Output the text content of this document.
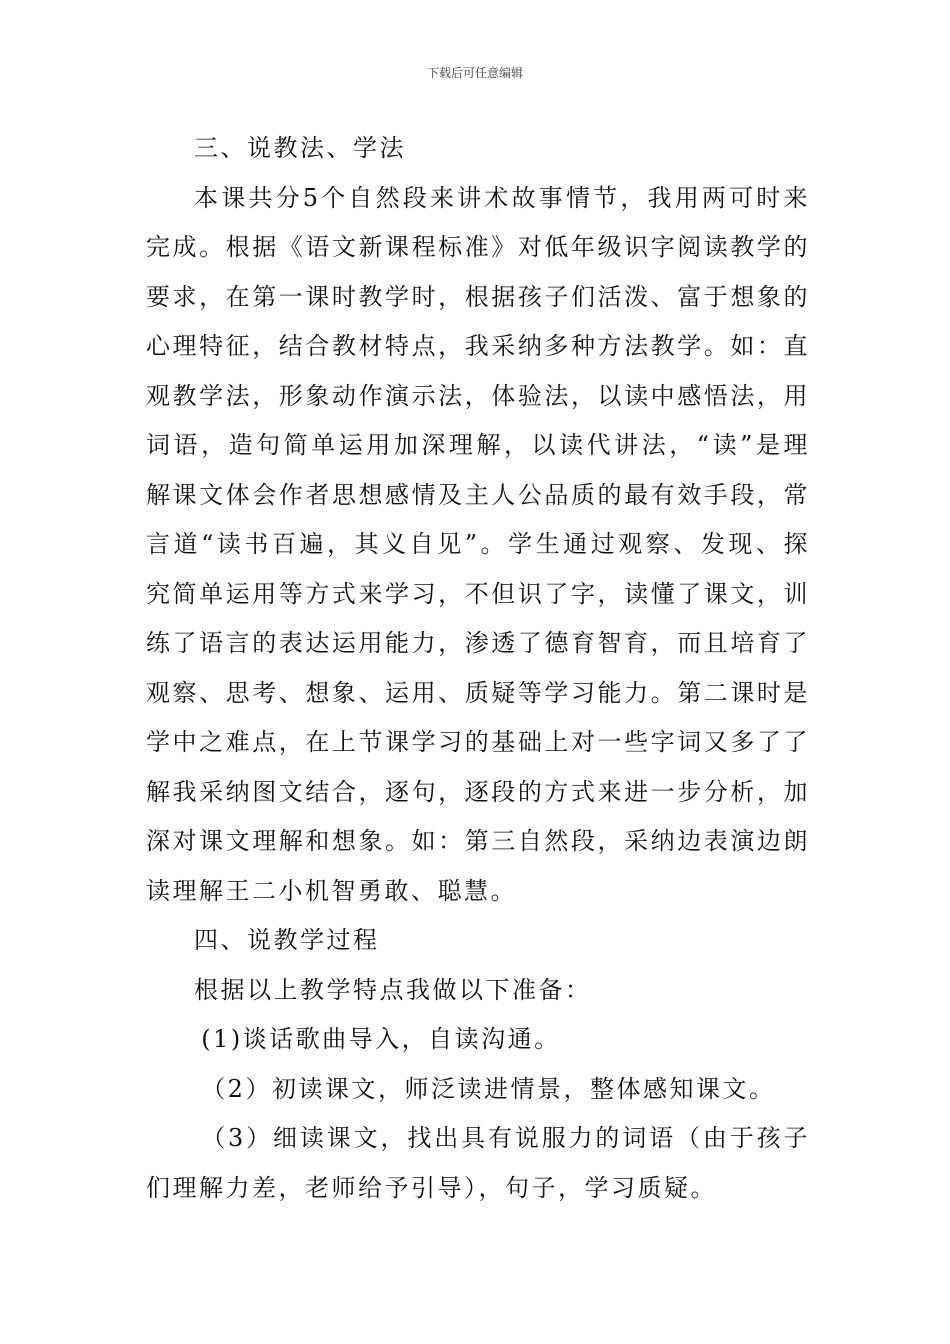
下载后可任意编辑

三、说教法、学法

本课共分5个自然段来讲术故事情节，我用两可时来完成。根据《语文新课程标准》对低年级识字阅读教学的要求，在第一课时教学时，根据孩子们活泼、富于想象的心理特征，结合教材特点，我采纳多种方法教学。如：直观教学法，形象动作演示法，体验法，以读中感悟法，用词语，造句简单运用加深理解，以读代讲法，“读”是理解课文体会作者思想感情及主人公品质的最有效手段，常言道“读书百遍，其义自见”。学生通过观察、发现、探究简单运用等方式来学习，不但识了字，读懂了课文，训练了语言的表达运用能力，渗透了德育智育，而且培育了观察、思考、想象、运用、质疑等学习能力。第二课时是学中之难点，在上节课学习的基础上对一些字词又多了了解我采纳图文结合，逐句，逐段的方式来进一步分析，加深对课文理解和想象。如：第三自然段，采纳边表演边朗读理解王二小机智勇敢、聪慧。

四、说教学过程

根据以上教学特点我做以下准备：

(1)谈话歌曲导入，自读沟通。

（2）初读课文，师泛读进情景，整体感知课文。

（3）细读课文，找出具有说服力的词语（由于孩子们理解力差，老师给予引导），句子，学习质疑。
